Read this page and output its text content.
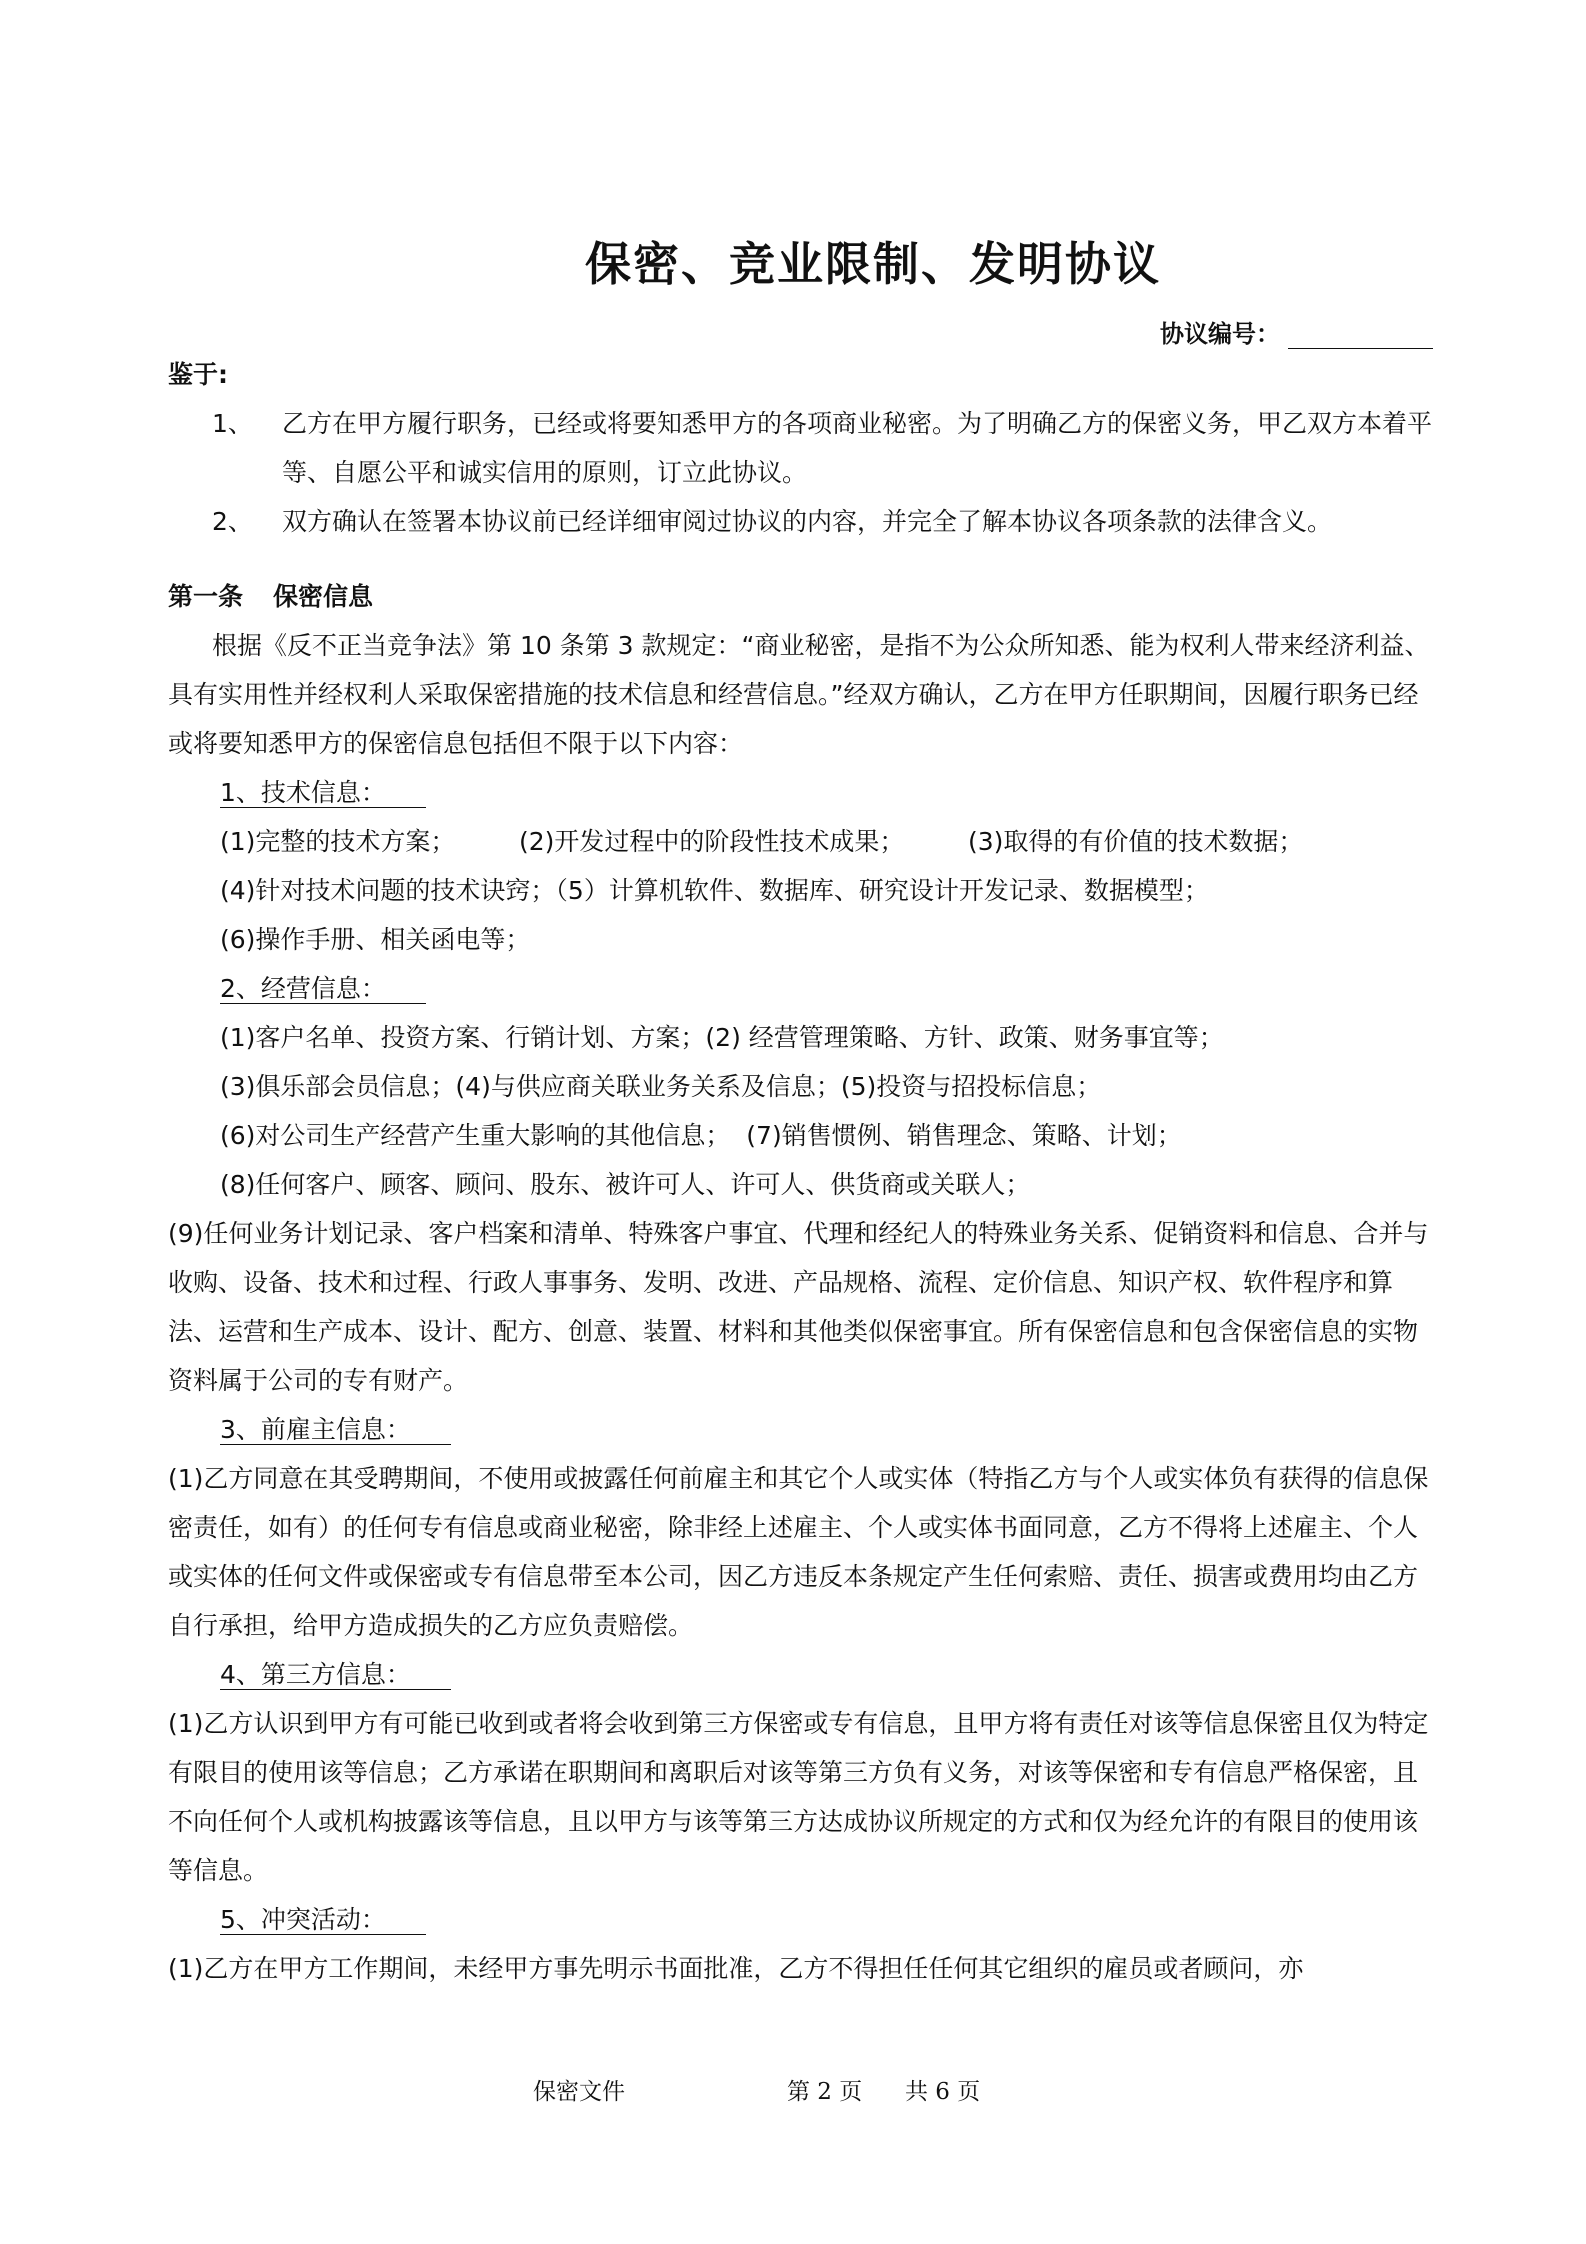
保密、竞业限制、发明协议
协议编号：

鉴于:

1、	乙方在甲方履行职务，已经或将要知悉甲方的各项商业秘密。为了明确乙方的保密义务，甲乙双方本着平等、自愿公平和诚实信用的原则，订立此协议。
2、	双方确认在签署本协议前已经详细审阅过协议的内容，并完全了解本协议各项条款的法律含义。

第一条 保密信息

根据《反不正当竞争法》第 10 条第 3 款规定：“商业秘密，是指不为公众所知悉、能为权利人带来经济利益、具有实用性并经权利人采取保密措施的技术信息和经营信息。”经双方确认，乙方在甲方任职期间，因履行职务已经或将要知悉甲方的保密信息包括但不限于以下内容：

1、技术信息：

(1)完整的技术方案；        (2)开发过程中的阶段性技术成果；        (3)取得的有价值的技术数据；

(4)针对技术问题的技术诀窍；（5）计算机软件、数据库、研究设计开发记录、数据模型；

(6)操作手册、相关函电等；

2、经营信息：

(1)客户名单、投资方案、行销计划、方案；(2) 经营管理策略、方针、政策、财务事宜等；

(3)俱乐部会员信息；(4)与供应商关联业务关系及信息；(5)投资与招投标信息；

(6)对公司生产经营产生重大影响的其他信息；  (7)销售惯例、销售理念、策略、计划；

(8)任何客户、顾客、顾问、股东、被许可人、许可人、供货商或关联人；

(9)任何业务计划记录、客户档案和清单、特殊客户事宜、代理和经纪人的特殊业务关系、促销资料和信息、合并与收购、设备、技术和过程、行政人事事务、发明、改进、产品规格、流程、定价信息、知识产权、软件程序和算法、运营和生产成本、设计、配方、创意、装置、材料和其他类似保密事宜。所有保密信息和包含保密信息的实物资料属于公司的专有财产。

3、前雇主信息：

(1)乙方同意在其受聘期间，不使用或披露任何前雇主和其它个人或实体（特指乙方与个人或实体负有获得的信息保密责任，如有）的任何专有信息或商业秘密，除非经上述雇主、个人或实体书面同意，乙方不得将上述雇主、个人或实体的任何文件或保密或专有信息带至本公司，因乙方违反本条规定产生任何索赔、责任、损害或费用均由乙方自行承担，给甲方造成损失的乙方应负责赔偿。

4、第三方信息：

(1)乙方认识到甲方有可能已收到或者将会收到第三方保密或专有信息，且甲方将有责任对该等信息保密且仅为特定有限目的使用该等信息；乙方承诺在职期间和离职后对该等第三方负有义务，对该等保密和专有信息严格保密，且不向任何个人或机构披露该等信息，且以甲方与该等第三方达成协议所规定的方式和仅为经允许的有限目的使用该等信息。

5、冲突活动：

(1)乙方在甲方工作期间，未经甲方事先明示书面批准，乙方不得担任任何其它组织的雇员或者顾问，亦

保密文件	第 2 页 共 6 页
